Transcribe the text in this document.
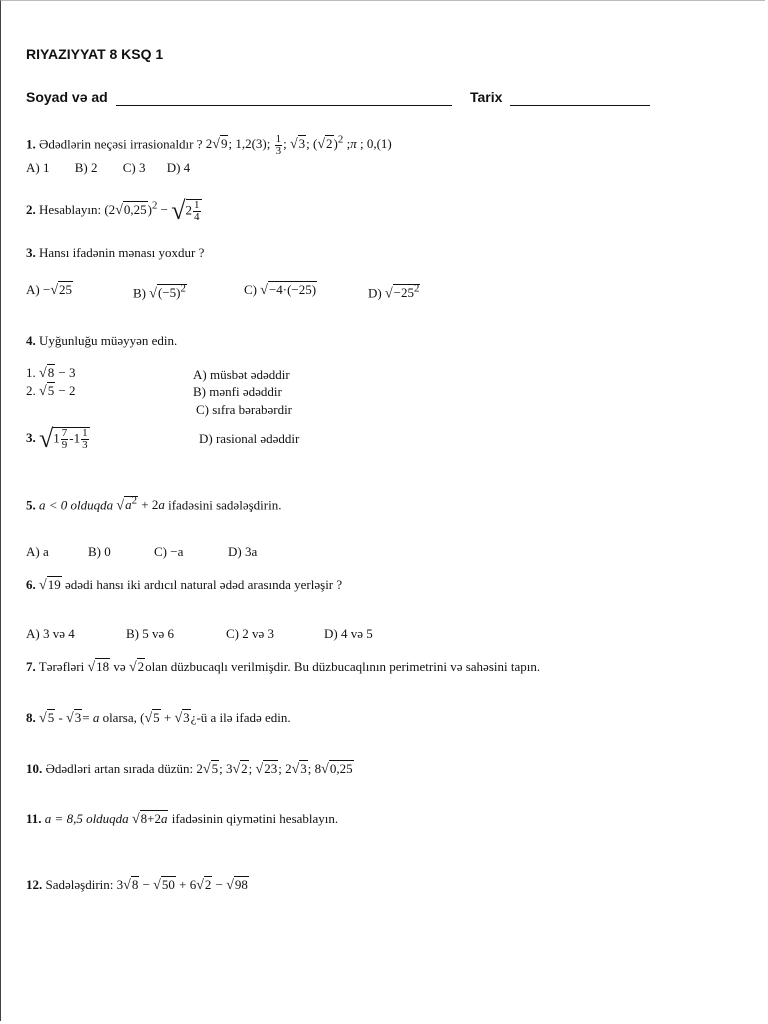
RIYAZIYYAT 8 KSQ 1
Soyad və ad	Tarix
1. Ədədlərin neçəsi irrasionaldır ? 2√9; 1,2(3); $\frac{1}{3}$ ; √3; $(√2)^2$ ;π ; 0,(1)
A) 1 B) 2 C) 3 D) 4
2. Hesablayın: $(2√0,25)^2 - √2 \frac{1}{4}$
3. Hansı ifadənin mənası yoxdur ?
A) −√25	B) $√(-5)^2$	C) √−4·(−25)	D) $√-25^2$
4. Uyğunluğu müəyyən edin.
1. √8 − 3
2. √5 − 2
3. $√1 \frac{7}{9} -1 \frac{1}{3}$
A) müsbət ədəddir
B) mənfi ədəddir
C) sıfra bərabərdir
D) rasional ədəddir
5. a < 0 olduqda $√a^2 + 2a$ ifadəsini sadələşdirin.
A) a	B) 0	C) −a	D) 3a
6. √19 ədədi hansı iki ardıcıl natural ədəd arasında yerləşir ?
A) 3 və 4	B) 5 və 6	C) 2 və 3	D) 4 və 5
7. Tərəfləri √18 və √2olan düzbucaqlı verilmişdir. Bu düzbucaqlının perimetrini və sahəsini tapın.
8. √5 - √3= a olarsa, (√5 + √3¿-ü a ilə ifadə edin.
10. Ədədləri artan sırada düzün: 2√5; 3√2; √23; 2√3; 8√0,25
11. a = 8,5 olduqda √8+2a ifadəsinin qiymətini hesablayın.
12. Sadələşdirin: 3√8 − √50 + 6√2 − √98
